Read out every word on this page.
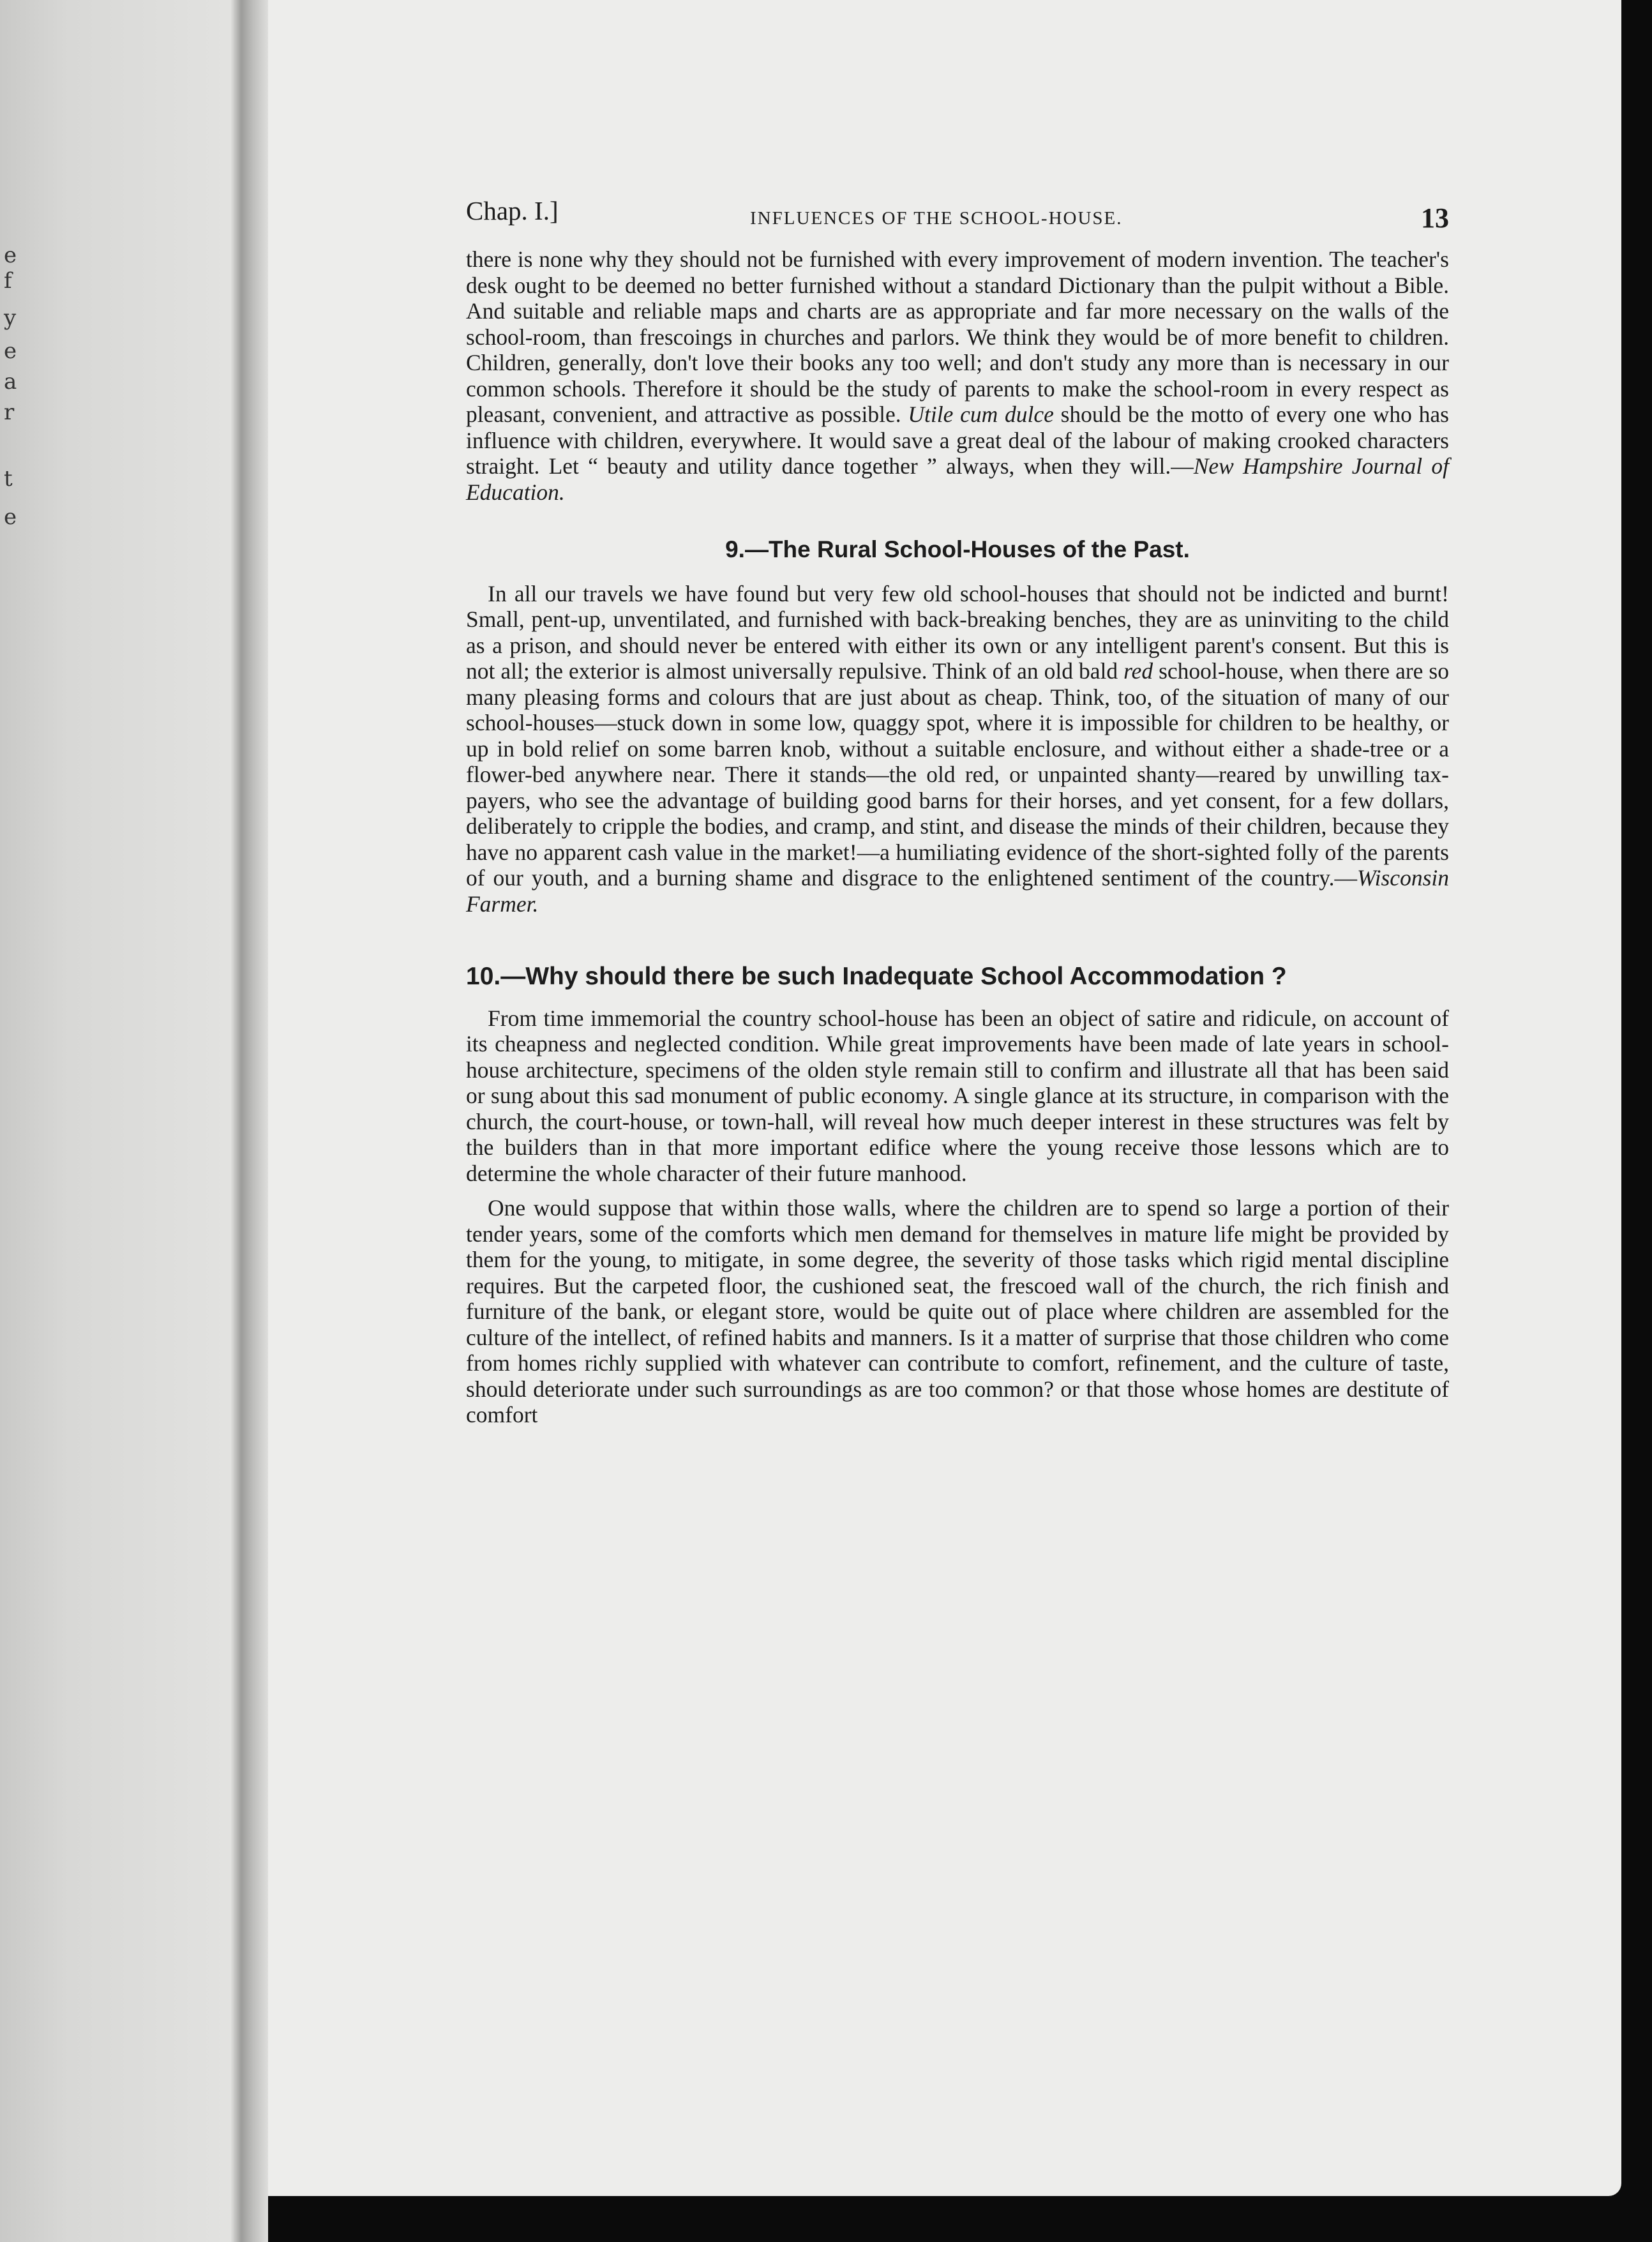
e
f
y
e
a
r
t
e
Chap. I.]	INFLUENCES OF THE SCHOOL-HOUSE.	13

there is none why they should not be furnished with every improvement of modern invention. The teacher's desk ought to be deemed no better furnished without a standard Dictionary than the pulpit without a Bible. And suitable and reliable maps and charts are as appropriate and far more necessary on the walls of the school-room, than frescoings in churches and parlors. We think they would be of more benefit to children. Children, generally, don't love their books any too well; and don't study any more than is necessary in our common schools. Therefore it should be the study of parents to make the school-room in every respect as pleasant, convenient, and attractive as possible. Utile cum dulce should be the motto of every one who has influence with children, everywhere. It would save a great deal of the labour of making crooked characters straight. Let “ beauty and utility dance together ” always, when they will.—New Hampshire Journal of Education.

9.—The Rural School-Houses of the Past.

In all our travels we have found but very few old school-houses that should not be indicted and burnt! Small, pent-up, unventilated, and furnished with back-breaking benches, they are as uninviting to the child as a prison, and should never be entered with either its own or any intelligent parent's consent. But this is not all; the exterior is almost universally repulsive. Think of an old bald red school-house, when there are so many pleasing forms and colours that are just about as cheap. Think, too, of the situation of many of our school-houses—stuck down in some low, quaggy spot, where it is impossible for children to be healthy, or up in bold relief on some barren knob, without a suitable enclosure, and without either a shade-tree or a flower-bed anywhere near. There it stands—the old red, or unpainted shanty—reared by unwilling tax-payers, who see the advantage of building good barns for their horses, and yet consent, for a few dollars, deliberately to cripple the bodies, and cramp, and stint, and disease the minds of their children, because they have no apparent cash value in the market!—a humiliating evidence of the short-sighted folly of the parents of our youth, and a burning shame and disgrace to the enlightened sentiment of the country.—Wisconsin Farmer.

10.—Why should there be such Inadequate School Accommodation ?

From time immemorial the country school-house has been an object of satire and ridicule, on account of its cheapness and neglected condition. While great improvements have been made of late years in school-house architecture, specimens of the olden style remain still to confirm and illustrate all that has been said or sung about this sad monument of public economy. A single glance at its structure, in comparison with the church, the court-house, or town-hall, will reveal how much deeper interest in these structures was felt by the builders than in that more important edifice where the young receive those lessons which are to determine the whole character of their future manhood.

One would suppose that within those walls, where the children are to spend so large a portion of their tender years, some of the comforts which men demand for themselves in mature life might be provided by them for the young, to mitigate, in some degree, the severity of those tasks which rigid mental discipline requires. But the carpeted floor, the cushioned seat, the frescoed wall of the church, the rich finish and furniture of the bank, or elegant store, would be quite out of place where children are assembled for the culture of the intellect, of refined habits and manners. Is it a matter of surprise that those children who come from homes richly supplied with whatever can contribute to comfort, refinement, and the culture of taste, should deteriorate under such surroundings as are too common? or that those whose homes are destitute of comfort
